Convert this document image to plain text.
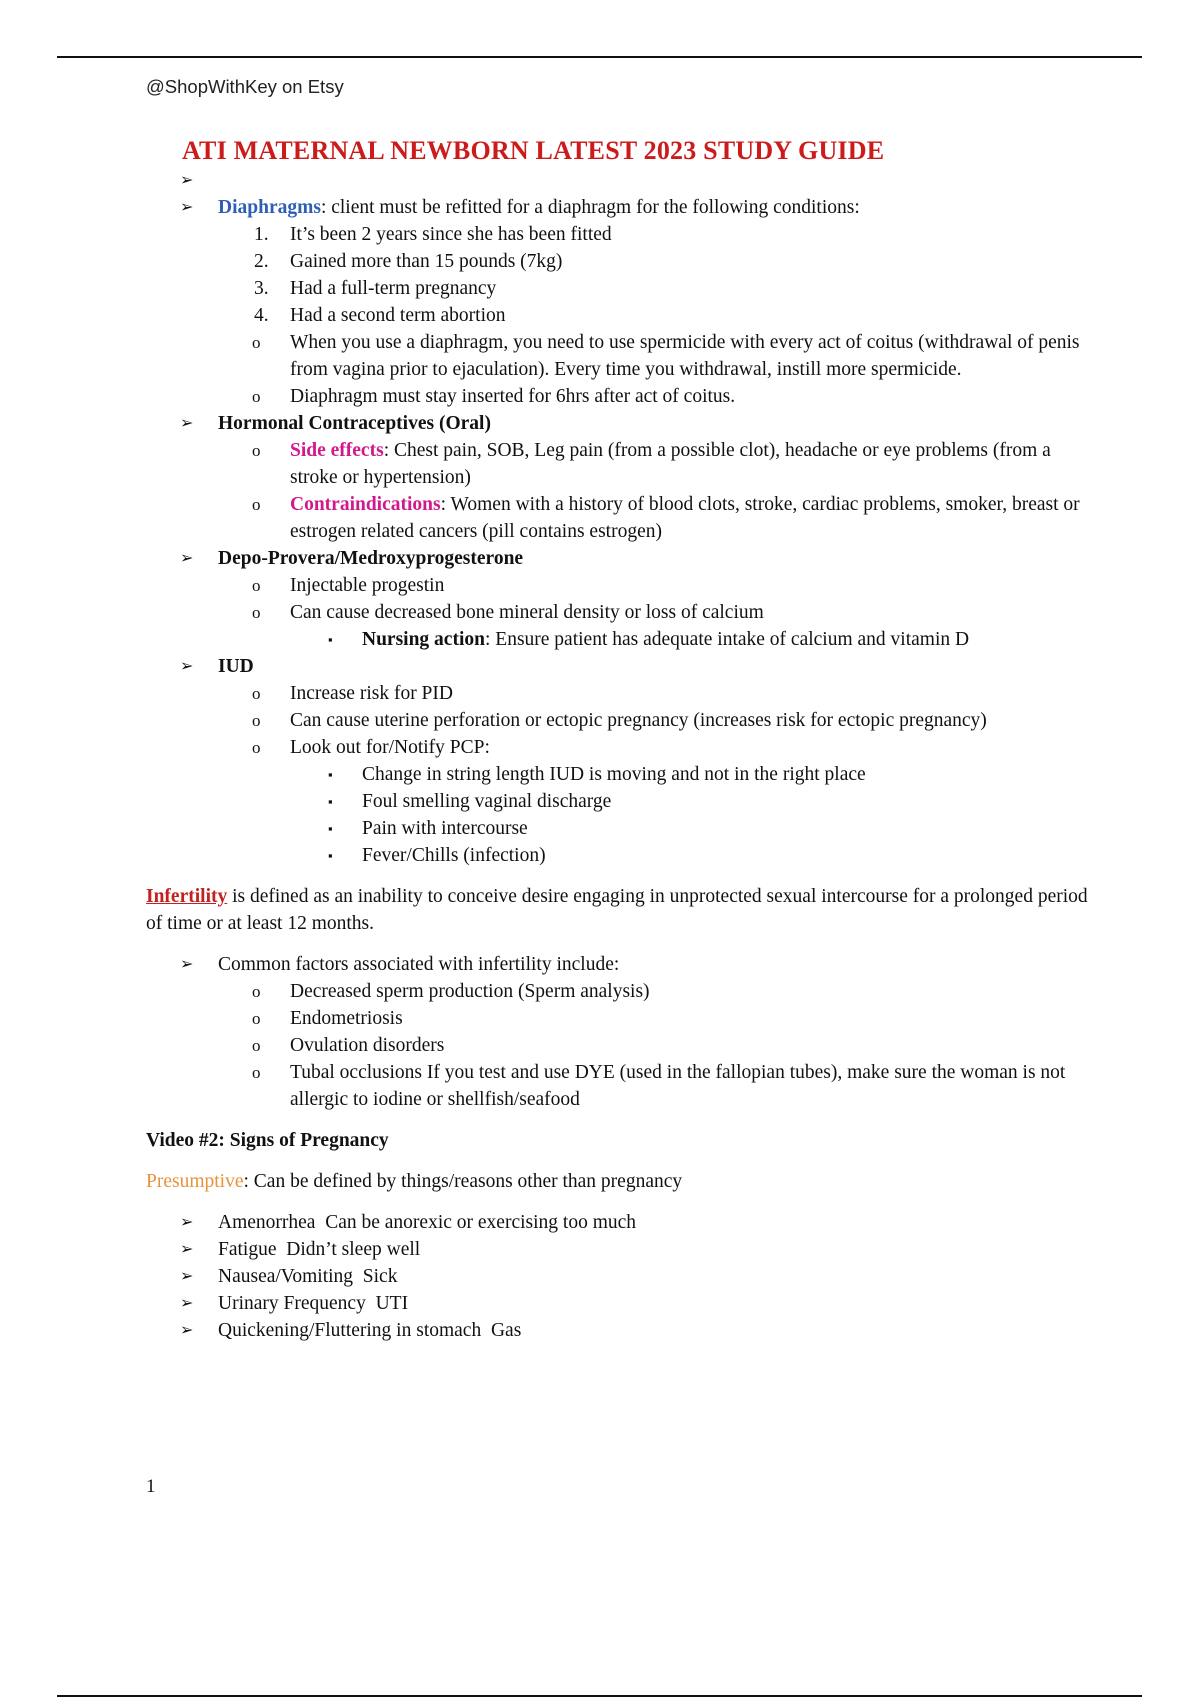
@ShopWithKey on Etsy
ATI MATERNAL NEWBORN LATEST 2023 STUDY GUIDE
➢
➢ Diaphragms: client must be refitted for a diaphragm for the following conditions:
1. It’s been 2 years since she has been fitted
2. Gained more than 15 pounds (7kg)
3. Had a full-term pregnancy
4. Had a second term abortion
o When you use a diaphragm, you need to use spermicide with every act of coitus (withdrawal of penis from vagina prior to ejaculation). Every time you withdrawal, instill more spermicide.
o Diaphragm must stay inserted for 6hrs after act of coitus.
➢ Hormonal Contraceptives (Oral)
o Side effects: Chest pain, SOB, Leg pain (from a possible clot), headache or eye problems (from a stroke or hypertension)
o Contraindications: Women with a history of blood clots, stroke, cardiac problems, smoker, breast or estrogen related cancers (pill contains estrogen)
➢ Depo-Provera/Medroxyprogesterone
o Injectable progestin
o Can cause decreased bone mineral density or loss of calcium
▪ Nursing action: Ensure patient has adequate intake of calcium and vitamin D
➢ IUD
o Increase risk for PID
o Can cause uterine perforation or ectopic pregnancy (increases risk for ectopic pregnancy)
o Look out for/Notify PCP:
▪ Change in string length IUD is moving and not in the right place
▪ Foul smelling vaginal discharge
▪ Pain with intercourse
▪ Fever/Chills (infection)
Infertility is defined as an inability to conceive desire engaging in unprotected sexual intercourse for a prolonged period of time or at least 12 months.
➢ Common factors associated with infertility include:
o Decreased sperm production (Sperm analysis)
o Endometriosis
o Ovulation disorders
o Tubal occlusions If you test and use DYE (used in the fallopian tubes), make sure the woman is not allergic to iodine or shellfish/seafood
Video #2: Signs of Pregnancy
Presumptive: Can be defined by things/reasons other than pregnancy
➢ Amenorrhea  Can be anorexic or exercising too much
➢ Fatigue  Didn’t sleep well
➢ Nausea/Vomiting  Sick
➢ Urinary Frequency  UTI
➢ Quickening/Fluttering in stomach  Gas
1
